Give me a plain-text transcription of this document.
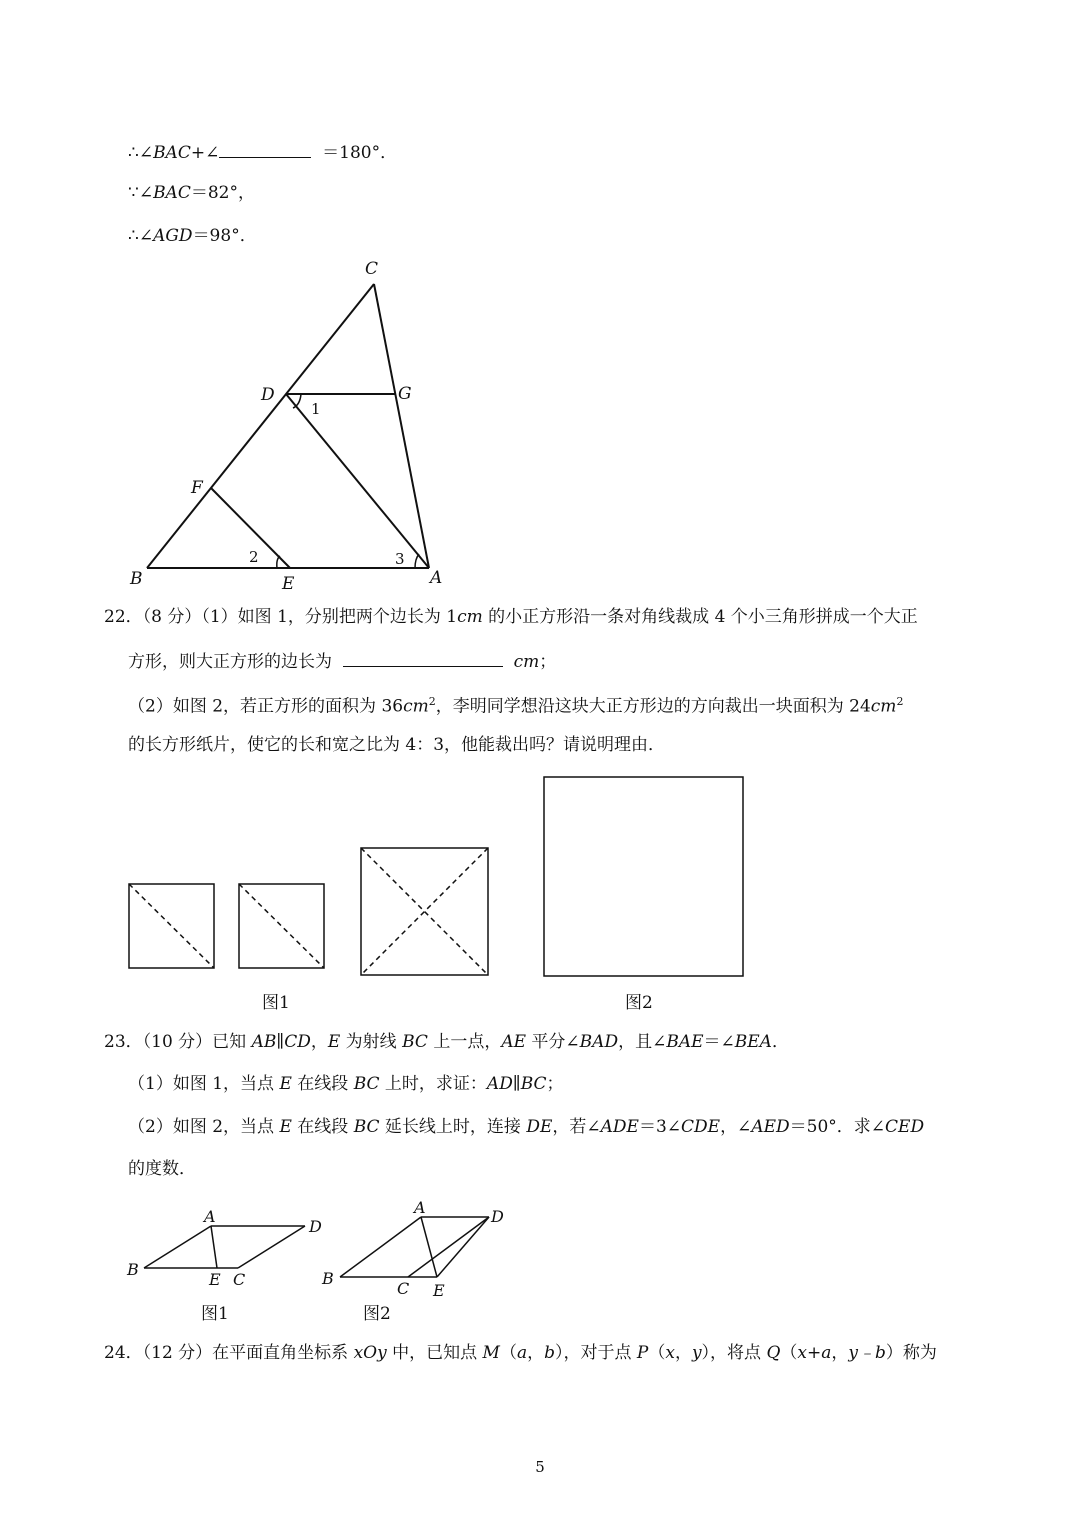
∴∠BAC+∠	＝180°．
∵∠BAC＝82°，
∴∠AGD＝98°．
C
D	G
F
B	E	A
1
2	3
22．（8 分）（1）如图 1，分别把两个边长为 1cm 的小正方形沿一条对角线裁成 4 个小三角形拼成一个大正
方形，则大正方形的边长为	cm；
（2）如图 2，若正方形的面积为 $36cm^2$，李明同学想沿这块大正方形边的方向裁出一块面积为 $24cm^2$
的长方形纸片，使它的长和宽之比为 4：3，他能裁出吗？请说明理由．
图1	图2
23．（10 分）已知 AB∥CD，E 为射线 BC 上一点，AE 平分∠BAD，且∠BAE＝∠BEA．
（1）如图 1，当点 E 在线段 BC 上时，求证：AD∥BC；
（2）如图 2，当点 E 在线段 BC 延长线上时，连接 DE，若∠ADE＝3∠CDE，∠AED＝50°．求∠CED
的度数．
A
D
B
E C
A	D
B
C E
图1	图2
24．（12 分）在平面直角坐标系 xOy 中，已知点 M（a，b），对于点 P（x，y），将点 Q（x+a，y﹣b）称为
5
